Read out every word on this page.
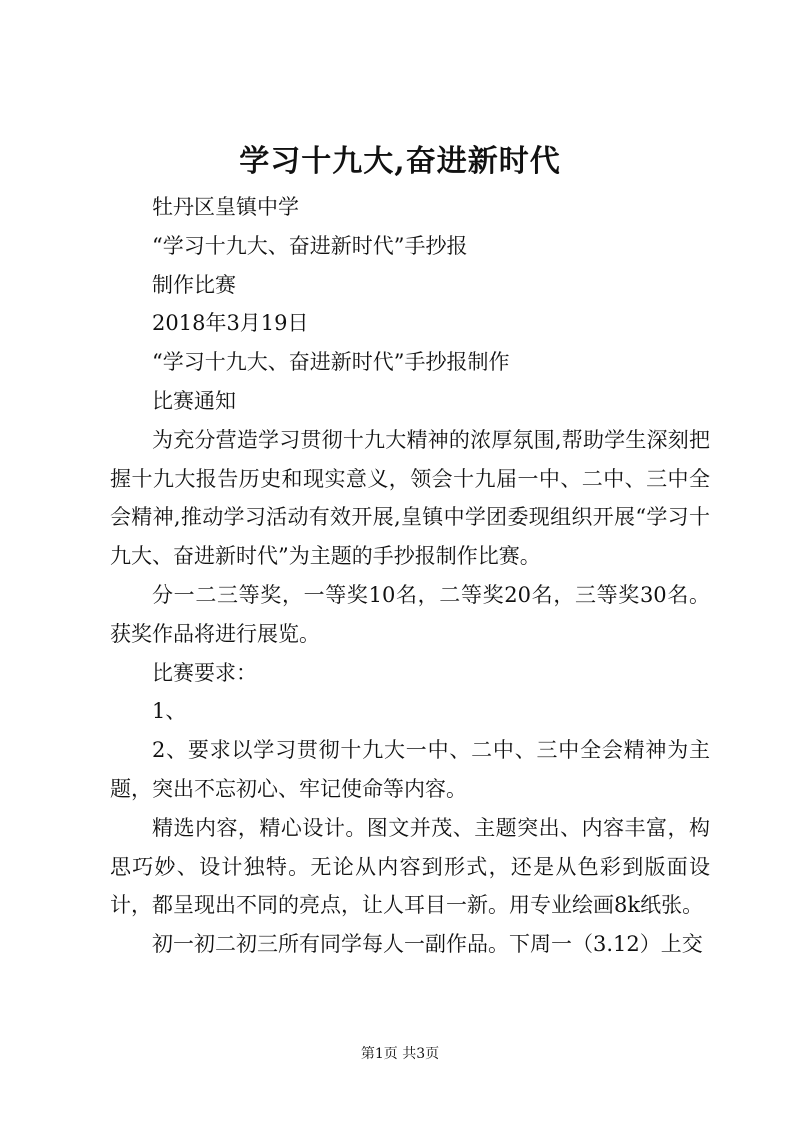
学习十九大,奋进新时代

牡丹区皇镇中学

“学习十九大、奋进新时代”手抄报

制作比赛

2018年3月19日

“学习十九大、奋进新时代”手抄报制作

比赛通知

为充分营造学习贯彻十九大精神的浓厚氛围,帮助学生深刻把握十九大报告历史和现实意义，领会十九届一中、二中、三中全会精神,推动学习活动有效开展,皇镇中学团委现组织开展“学习十九大、奋进新时代”为主题的手抄报制作比赛。

分一二三等奖，一等奖10名，二等奖20名，三等奖30名。获奖作品将进行展览。

比赛要求：

1、

2、要求以学习贯彻十九大一中、二中、三中全会精神为主题，突出不忘初心、牢记使命等内容。

精选内容，精心设计。图文并茂、主题突出、内容丰富，构思巧妙、设计独特。无论从内容到形式，还是从色彩到版面设计，都呈现出不同的亮点，让人耳目一新。用专业绘画8k纸张。

初一初二初三所有同学每人一副作品。下周一（3.12）上交

第1页 共3页
